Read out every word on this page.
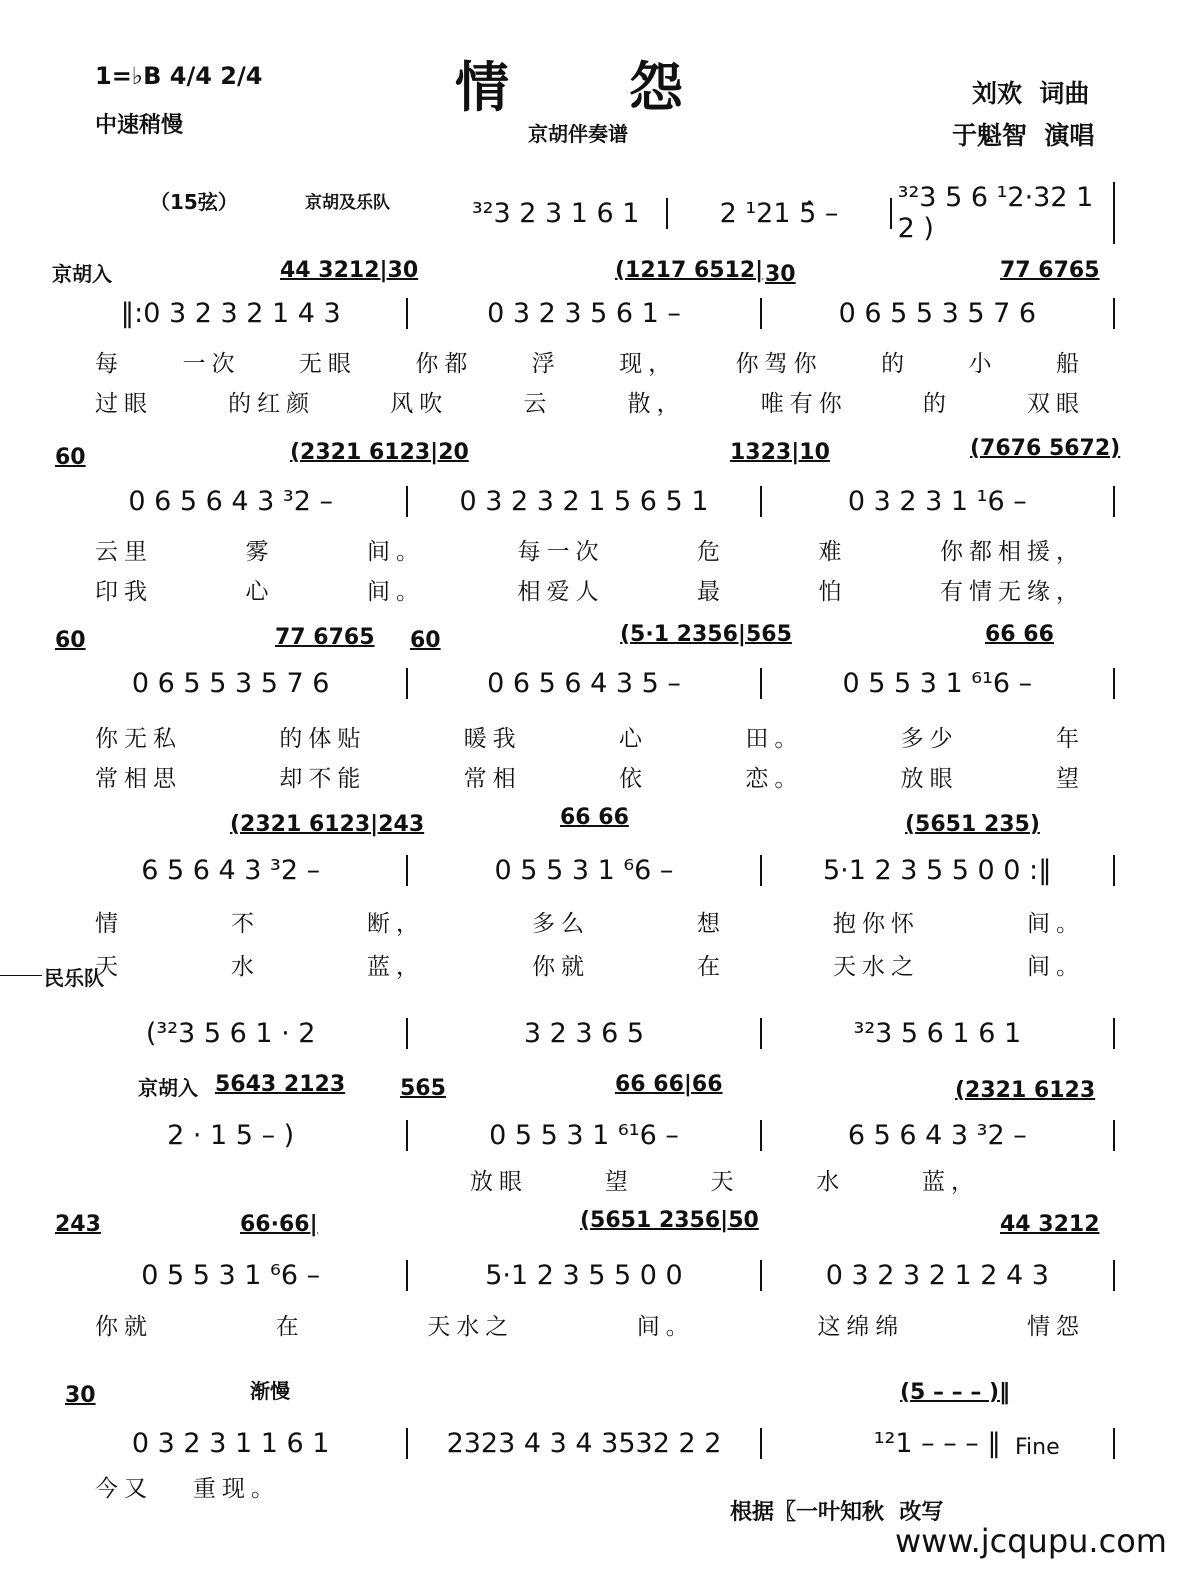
1=♭B 4/4 2/4
中速稍慢
情怨
京胡伴奏谱
刘欢  词曲
于魁智  演唱
（15弦）	京胡及乐队
京胡入
民乐队
京胡入
渐慢
Fine
³²3 2 3 1 6 1	2 ¹21 5̂ –	³²3 5 6 ¹2·32 1 2 )
‖:0 3 2 3 2 1 4 3	0 3 2 3 5 6 1 –	0 6 5 5 3 5 7 6
44 3212|30	(1217 6512| 30	77 6765
每	一次	无眼	你都	浮	现，	你驾你	的	小	船
过眼	的红颜	风吹	云	散，	唯有你	的	双眼
0 6 5 6 4 3 ³2 –	0 3 2 3 2 1 5 6 5 1	0 3 2 3 1 ¹6 –
60	(2321 6123|20	1323|10	(7676 5672)
云里	雾	间。	每一次	危	难	你都相援，
印我	心	间。	相爱人	最	怕	有情无缘，
0 6 5 5 3 5 7 6	0 6 5 6 4 3 5 –	0 5 5 3 1 ⁶¹6 –
60	77 6765 60	(5·1 2356|565	66 66
你无私	的体贴	暖我	心	田。	多少	年
常相思	却不能	常相	依	恋。	放眼	望
6 5 6 4 3 ³2 –	0 5 5 3 1 ⁶6 –	5·1 2 3 5 5 0 0 :‖
(2321 6123|243	66 66	(5651 235)
情	不	断，	多么	想	抱你怀	间。
天	水	蓝，	你就	在	天水之	间。
(³²3 5 6 1 · 2	3 2 3 6 5	³²3 5 6 1 6 1
2 · 1 5 – )	0 5 5 3 1 ⁶¹6 –	6 5 6 4 3 ³2 –
5643 2123 565	66 66|66	(2321 6123
放眼	望	天	水	蓝，
0 5 5 3 1 ⁶6 –	5·1 2 3 5 5 0 0	0 3 2 3 2 1 2 4 3
243	66·66|	(5651 2356|50	44 3212
你就	在	天水之	间。	这绵绵	情怨
0 3 2 3 1 1 6 1	2323 4 3 4 3532 2 2	¹²1 – – – ‖
30	(5 – – – )‖
今又 重现。
根据〖一叶知秋  改写
www.jcqupu.com
